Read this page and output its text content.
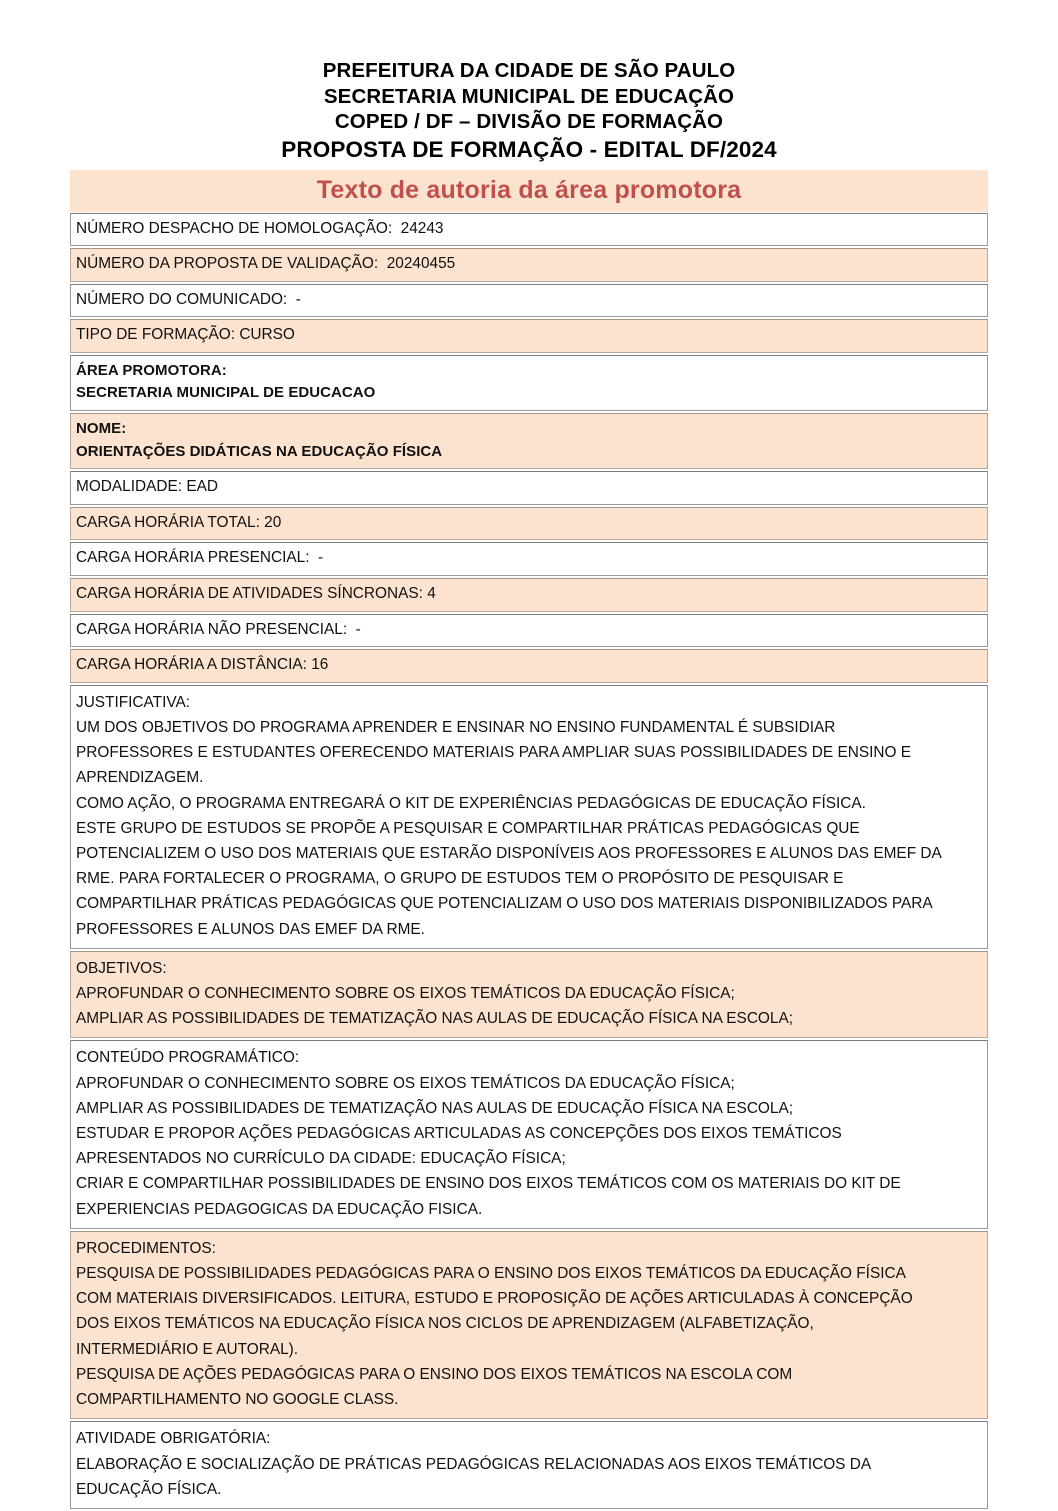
PREFEITURA DA CIDADE DE SÃO PAULO
SECRETARIA MUNICIPAL DE EDUCAÇÃO
COPED / DF – DIVISÃO DE FORMAÇÃO
PROPOSTA DE FORMAÇÃO - EDITAL DF/2024
Texto de autoria da área promotora
NÚMERO DESPACHO DE HOMOLOGAÇÃO:  24243
NÚMERO DA PROPOSTA DE VALIDAÇÃO:  20240455
NÚMERO DO COMUNICADO:  -
TIPO DE FORMAÇÃO: CURSO
ÁREA PROMOTORA:
SECRETARIA MUNICIPAL DE EDUCACAO
NOME:
ORIENTAÇÕES DIDÁTICAS NA EDUCAÇÃO FÍSICA
MODALIDADE: EAD
CARGA HORÁRIA TOTAL: 20
CARGA HORÁRIA PRESENCIAL:  -
CARGA HORÁRIA DE ATIVIDADES SÍNCRONAS: 4
CARGA HORÁRIA NÃO PRESENCIAL:  -
CARGA HORÁRIA A DISTÂNCIA: 16
JUSTIFICATIVA:
UM DOS OBJETIVOS DO PROGRAMA APRENDER E ENSINAR NO ENSINO FUNDAMENTAL É SUBSIDIAR
PROFESSORES E ESTUDANTES OFERECENDO MATERIAIS PARA AMPLIAR SUAS POSSIBILIDADES DE ENSINO E
APRENDIZAGEM.
COMO AÇÃO, O PROGRAMA ENTREGARÁ O KIT DE EXPERIÊNCIAS PEDAGÓGICAS DE EDUCAÇÃO FÍSICA.
ESTE GRUPO DE ESTUDOS SE PROPÕE A PESQUISAR E COMPARTILHAR PRÁTICAS PEDAGÓGICAS QUE
POTENCIALIZEM O USO DOS MATERIAIS QUE ESTARÃO DISPONÍVEIS AOS PROFESSORES E ALUNOS DAS EMEF DA
RME. PARA FORTALECER O PROGRAMA, O GRUPO DE ESTUDOS TEM O PROPÓSITO DE PESQUISAR E
COMPARTILHAR PRÁTICAS PEDAGÓGICAS QUE POTENCIALIZAM O USO DOS MATERIAIS DISPONIBILIZADOS PARA
PROFESSORES E ALUNOS DAS EMEF DA RME.
OBJETIVOS:
APROFUNDAR O CONHECIMENTO SOBRE OS EIXOS TEMÁTICOS DA EDUCAÇÃO FÍSICA;
AMPLIAR AS POSSIBILIDADES DE TEMATIZAÇÃO NAS AULAS DE EDUCAÇÃO FÍSICA NA ESCOLA;
CONTEÚDO PROGRAMÁTICO:
APROFUNDAR O CONHECIMENTO SOBRE OS EIXOS TEMÁTICOS DA EDUCAÇÃO FÍSICA;
AMPLIAR AS POSSIBILIDADES DE TEMATIZAÇÃO NAS AULAS DE EDUCAÇÃO FÍSICA NA ESCOLA;
ESTUDAR E PROPOR AÇÕES PEDAGÓGICAS ARTICULADAS AS CONCEPÇÕES DOS EIXOS TEMÁTICOS
APRESENTADOS NO CURRÍCULO DA CIDADE: EDUCAÇÃO FÍSICA;
CRIAR E COMPARTILHAR POSSIBILIDADES DE ENSINO DOS EIXOS TEMÁTICOS COM OS MATERIAIS DO KIT DE
EXPERIENCIAS PEDAGOGICAS DA EDUCAÇÃO FISICA.
PROCEDIMENTOS:
PESQUISA DE POSSIBILIDADES PEDAGÓGICAS PARA O ENSINO DOS EIXOS TEMÁTICOS DA EDUCAÇÃO FÍSICA
COM MATERIAIS DIVERSIFICADOS. LEITURA, ESTUDO E PROPOSIÇÃO DE AÇÕES ARTICULADAS À CONCEPÇÃO
DOS EIXOS TEMÁTICOS NA EDUCAÇÃO FÍSICA NOS CICLOS DE APRENDIZAGEM (ALFABETIZAÇÃO,
INTERMEDIÁRIO E AUTORAL).
PESQUISA DE AÇÕES PEDAGÓGICAS PARA O ENSINO DOS EIXOS TEMÁTICOS NA ESCOLA COM
COMPARTILHAMENTO NO GOOGLE CLASS.
ATIVIDADE OBRIGATÓRIA:
ELABORAÇÃO E SOCIALIZAÇÃO DE PRÁTICAS PEDAGÓGICAS RELACIONADAS AOS EIXOS TEMÁTICOS DA
EDUCAÇÃO FÍSICA.
